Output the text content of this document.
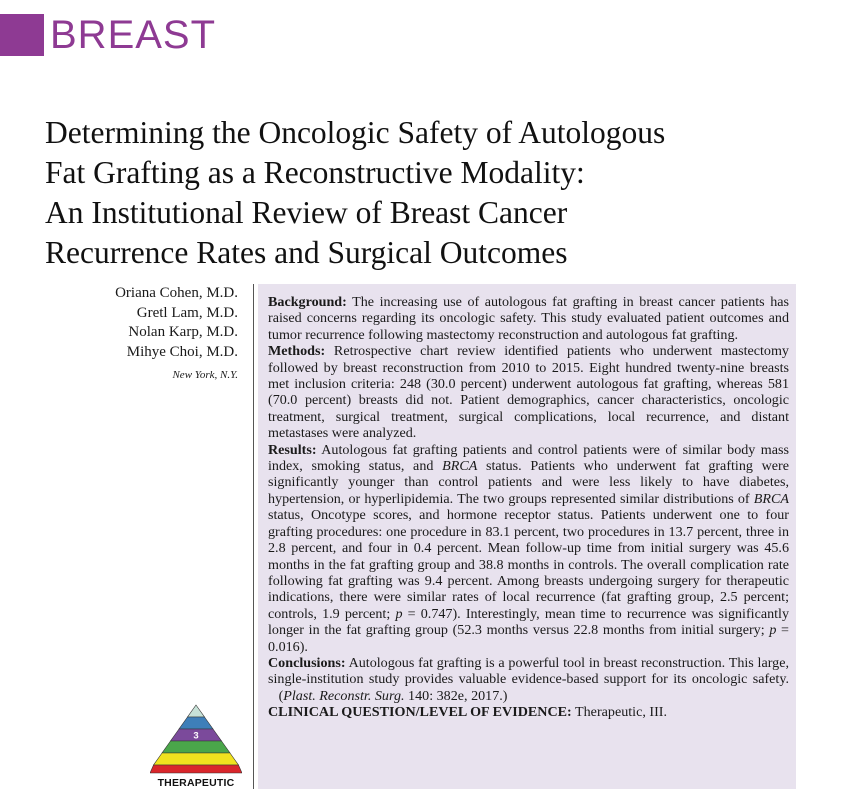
BREAST
Determining the Oncologic Safety of Autologous
Fat Grafting as a Reconstructive Modality:
An Institutional Review of Breast Cancer
Recurrence Rates and Surgical Outcomes
Oriana Cohen, M.D.
Gretl Lam, M.D.
Nolan Karp, M.D.
Mihye Choi, M.D.
New York, N.Y.

Background: The increasing use of autologous fat grafting in breast cancer patients has raised concerns regarding its oncologic safety. This study evaluated patient outcomes and tumor recurrence following mastectomy reconstruction and autologous fat grafting.

Methods: Retrospective chart review identified patients who underwent mastectomy followed by breast reconstruction from 2010 to 2015. Eight hundred twenty-nine breasts met inclusion criteria: 248 (30.0 percent) underwent autologous fat grafting, whereas 581 (70.0 percent) breasts did not. Patient demographics, cancer characteristics, oncologic treatment, surgical treatment, surgical complications, local recurrence, and distant metastases were analyzed.

Results: Autologous fat grafting patients and control patients were of similar body mass index, smoking status, and BRCA status. Patients who underwent fat grafting were significantly younger than control patients and were less likely to have diabetes, hypertension, or hyperlipidemia. The two groups represented similar distributions of BRCA status, Oncotype scores, and hormone receptor status. Patients underwent one to four grafting procedures: one procedure in 83.1 percent, two procedures in 13.7 percent, three in 2.8 percent, and four in 0.4 percent. Mean follow-up time from initial surgery was 45.6 months in the fat grafting group and 38.8 months in controls. The overall complication rate following fat grafting was 9.4 percent. Among breasts undergoing surgery for therapeutic indications, there were similar rates of local recurrence (fat grafting group, 2.5 percent; controls, 1.9 percent; p = 0.747). Interestingly, mean time to recurrence was significantly longer in the fat grafting group (52.3 months versus 22.8 months from initial surgery; p = 0.016).

Conclusions: Autologous fat grafting is a powerful tool in breast reconstruction. This large, single-institution study provides valuable evidence-based support for its oncologic safety.    (Plast. Reconstr. Surg. 140: 382e, 2017.)

CLINICAL QUESTION/LEVEL OF EVIDENCE: Therapeutic, III.

3
THERAPEUTIC
